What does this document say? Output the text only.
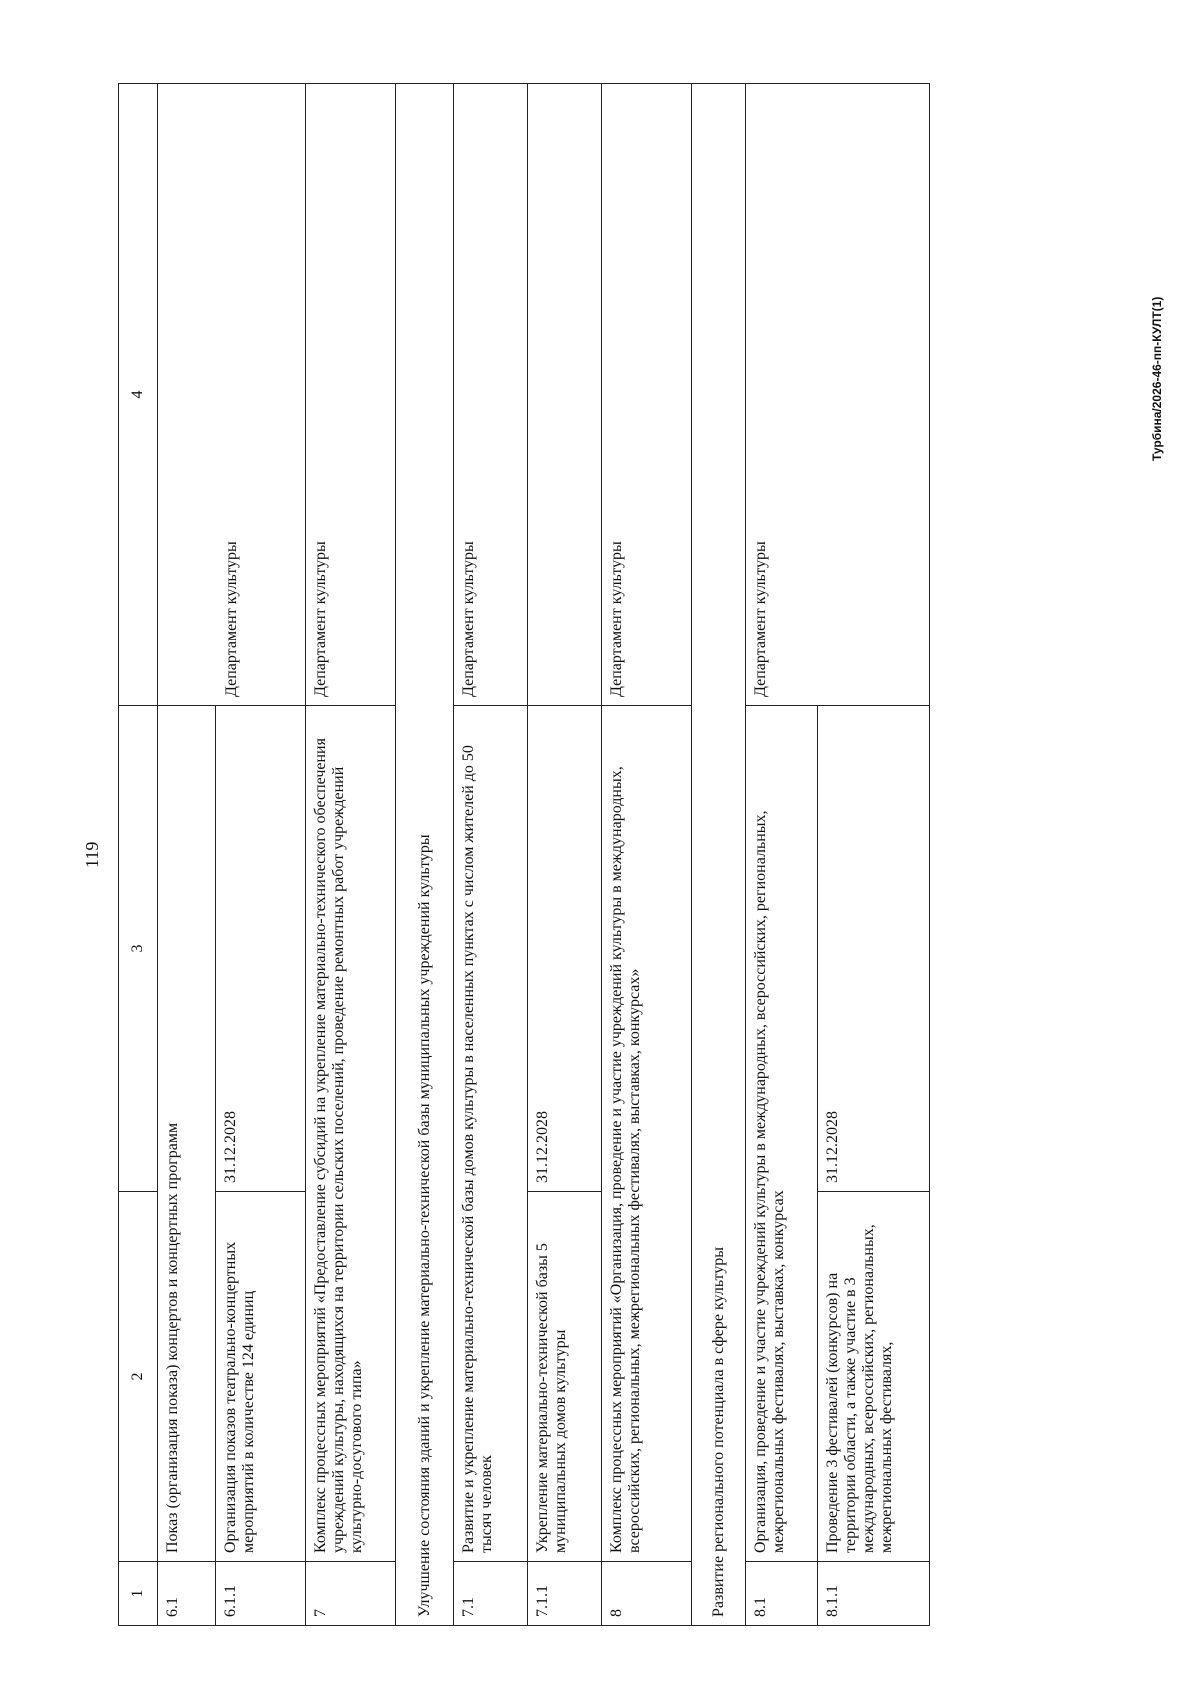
119
1	2	3	4
6.1	Показ (организация показа) концертов и концертных программ		Департамент культуры
6.1.1	Организация показов театрально-концертных мероприятий в количестве 124 единиц	31.12.2028	
7	Комплекс процессных мероприятий «Предоставление субсидий на укрепление материально-технического обеспечения учреждений культуры, находящихся на территории сельских поселений, проведение ремонтных работ учреждений культурно-досугового типа»		Департамент культуры
Улучшение состояния зданий и укрепление материально-технической базы муниципальных учреждений культуры			
7.1	Развитие и укрепление материально-технической базы домов культуры в населенных пунктах с числом жителей до 50 тысяч человек		Департамент культуры
7.1.1	Укрепление материально-технической базы 5 муниципальных домов культуры	31.12.2028	
8	Комплекс процессных мероприятий «Организация, проведение и участие учреждений культуры в международных, всероссийских, региональных, межрегиональных фестивалях, выставках, конкурсах»		Департамент культуры
Развитие регионального потенциала в сфере культуры			
8.1	Организация, проведение и участие учреждений культуры в международных, всероссийских, региональных, межрегиональных фестивалях, выставках, конкурсах		Департамент культуры
8.1.1	Проведение 3 фестивалей (конкурсов) на территории области, а также участие в 3 международных, всероссийских, региональных, межрегиональных фестивалях,	31.12.2028	
Турбина/2026-46-пп-КУЛТ(1)
